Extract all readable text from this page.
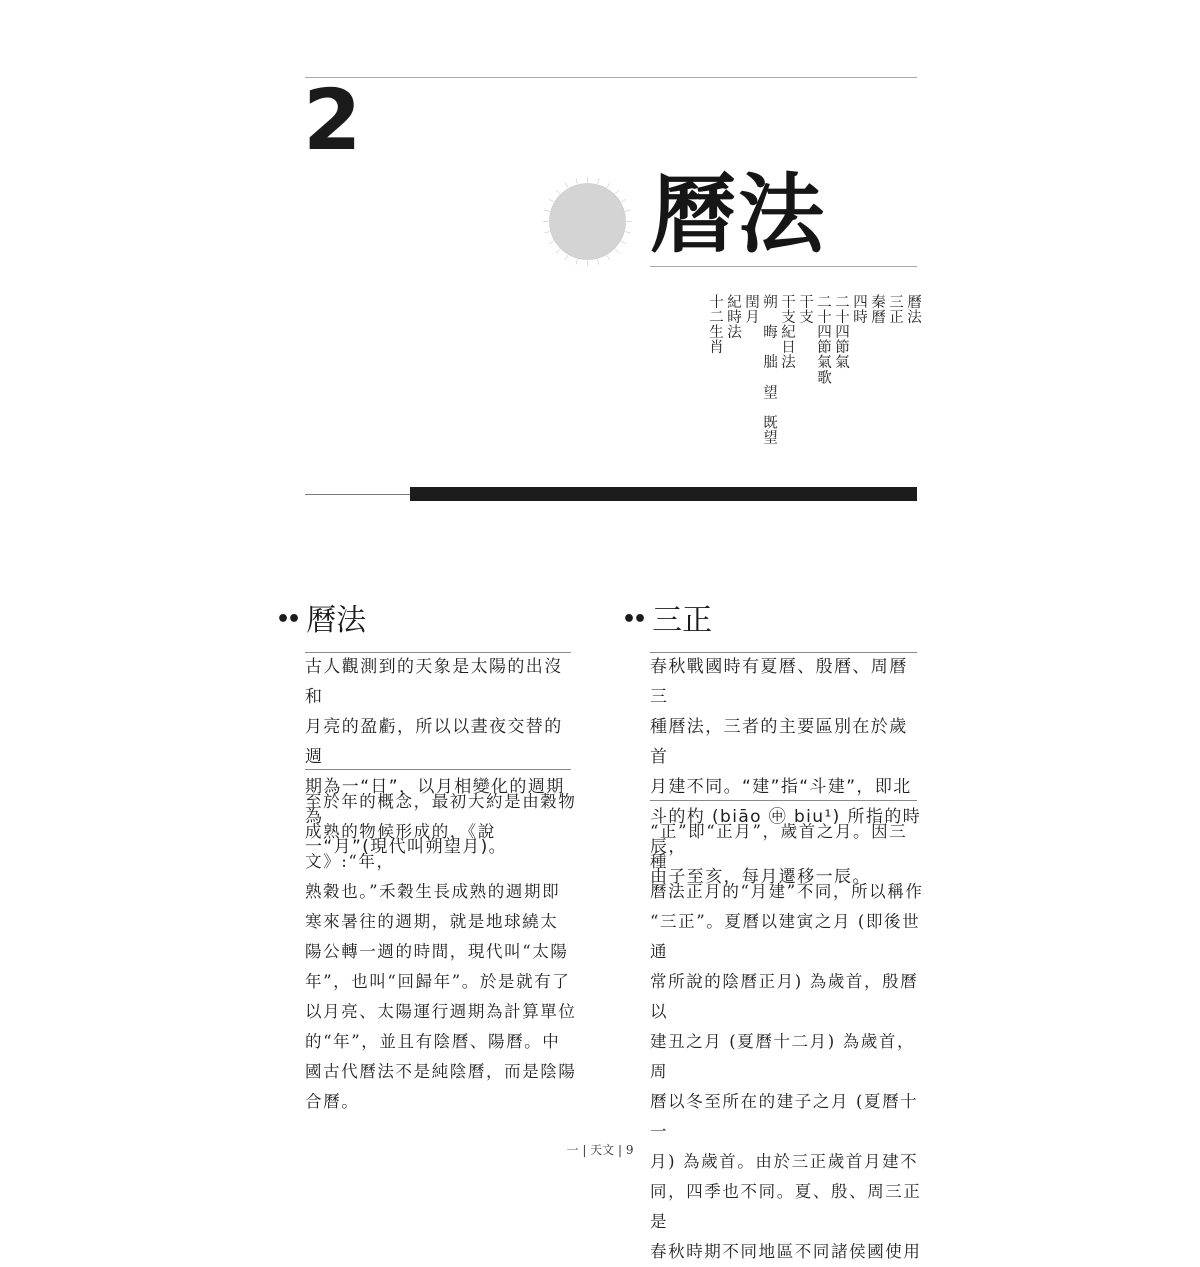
2
曆法
曆法
三正
秦曆
四時
二十四節氣
二十四節氣歌
干支
干支紀日法
朔　晦　朏　望　既望
閏月
紀時法
十二生肖
•• 曆法
古人觀測到的天象是太陽的出沒和
月亮的盈虧，所以以晝夜交替的週
期為一“日”，以月相變化的週期為
一“月”(現代叫朔望月)。
至於年的概念，最初大約是由穀物
成熟的物候形成的，《說文》:“年，
熟穀也。”禾穀生長成熟的週期即
寒來暑往的週期，就是地球繞太
陽公轉一週的時間，現代叫“太陽
年”，也叫“回歸年”。於是就有了
以月亮、太陽運行週期為計算單位
的“年”，並且有陰曆、陽曆。中
國古代曆法不是純陰曆，而是陰陽
合曆。
•• 三正
春秋戰國時有夏曆、殷曆、周曆三
種曆法，三者的主要區別在於歲首
月建不同。“建”指“斗建”，即北
斗的杓 (biāo ㊥ biu¹) 所指的時辰，
由子至亥，每月遷移一辰。
“正”即“正月”，歲首之月。因三種
曆法正月的“月建”不同，所以稱作
“三正”。夏曆以建寅之月 (即後世通
常所說的陰曆正月) 為歲首，殷曆以
建丑之月 (夏曆十二月) 為歲首，周
曆以冬至所在的建子之月 (夏曆十一
月) 為歲首。由於三正歲首月建不
同，四季也不同。夏、殷、周三正是
春秋時期不同地區不同諸侯國使用
一 | 天文 | 9
